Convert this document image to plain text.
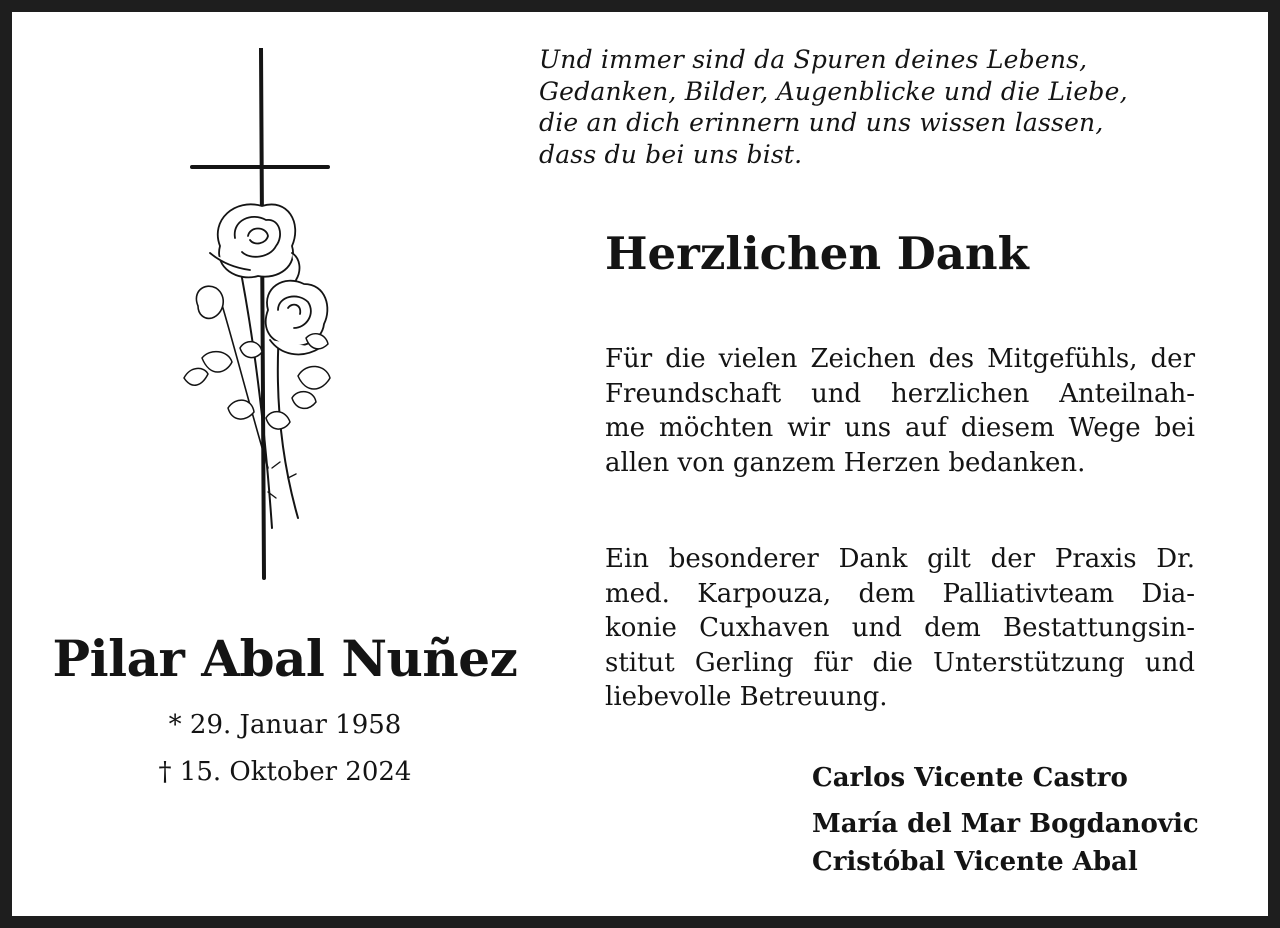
Und immer sind da Spuren deines Lebens,
Gedanken, Bilder, Augenblicke und die Liebe,
die an dich erinnern und uns wissen lassen,
dass du bei uns bist.
Herzlichen Dank
Für die vielen Zeichen des Mitgefühls, der
Freundschaft und herzlichen Anteilnah-
me möchten wir uns auf diesem Wege bei
allen von ganzem Herzen bedanken.
Ein besonderer Dank gilt der Praxis Dr.
med. Karpouza, dem Palliativteam Dia-
konie Cuxhaven und dem Bestattungsin-
stitut Gerling für die Unterstützung und
liebevolle Betreuung.
Pilar Abal Nuñez
* 29. Januar 1958
† 15. Oktober 2024	Carlos Vicente Castro
María del Mar Bogdanovic
Cristóbal Vicente Abal
